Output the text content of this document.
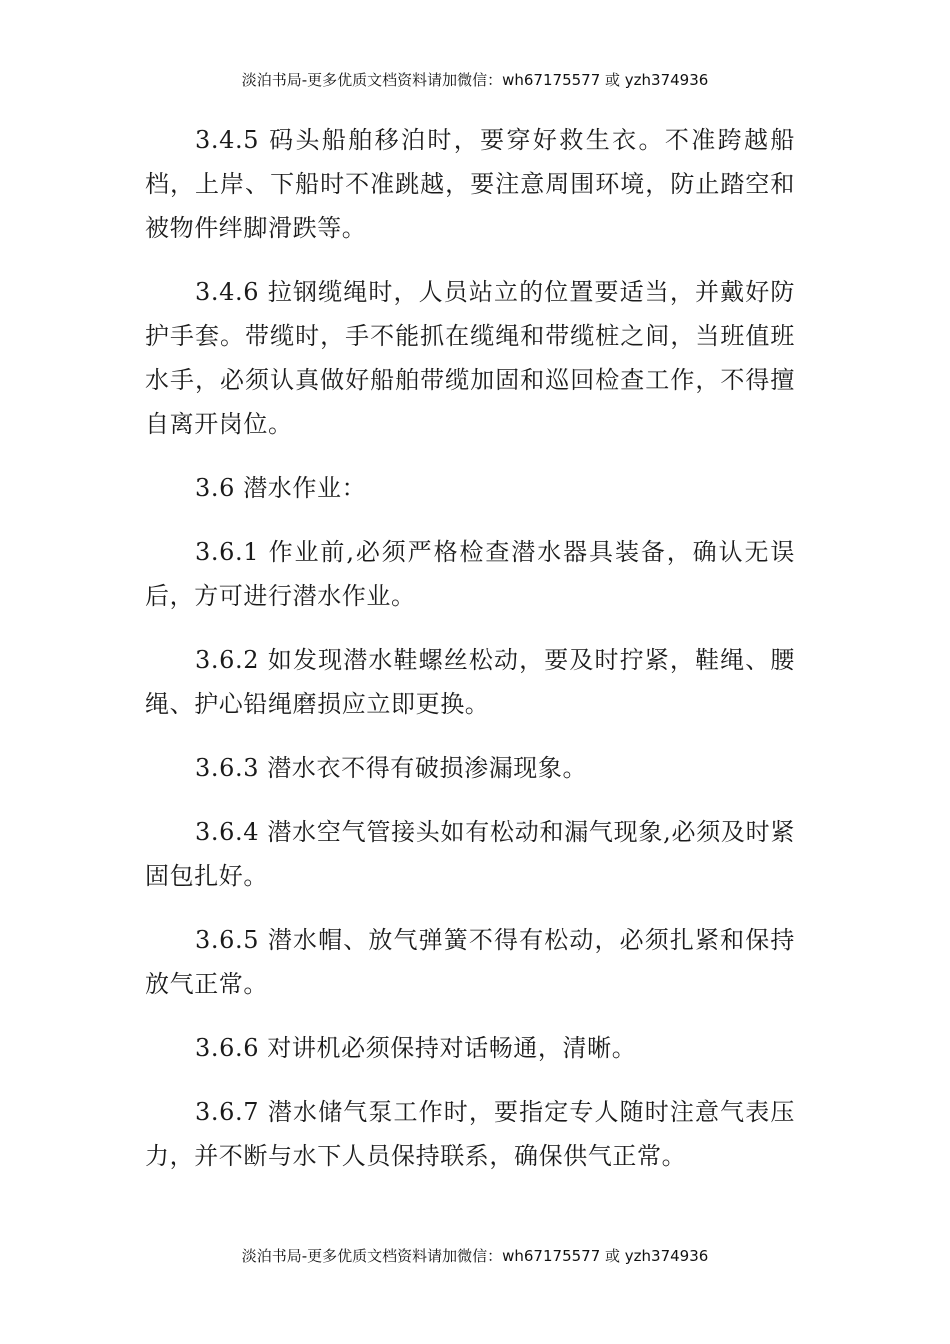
淡泊书局-更多优质文档资料请加微信：wh67175577 或 yzh374936

3.4.5 码头船舶移泊时，要穿好救生衣。不准跨越船档，上岸、下船时不准跳越，要注意周围环境，防止踏空和被物件绊脚滑跌等。

3.4.6 拉钢缆绳时，人员站立的位置要适当，并戴好防护手套。带缆时，手不能抓在缆绳和带缆桩之间，当班值班水手，必须认真做好船舶带缆加固和巡回检查工作，不得擅自离开岗位。

3.6 潜水作业：

3.6.1 作业前,必须严格检查潜水器具装备，确认无误后，方可进行潜水作业。

3.6.2 如发现潜水鞋螺丝松动，要及时拧紧，鞋绳、腰绳、护心铅绳磨损应立即更换。

3.6.3 潜水衣不得有破损渗漏现象。

3.6.4 潜水空气管接头如有松动和漏气现象,必须及时紧固包扎好。

3.6.5 潜水帽、放气弹簧不得有松动，必须扎紧和保持放气正常。

3.6.6 对讲机必须保持对话畅通，清晰。

3.6.7 潜水储气泵工作时，要指定专人随时注意气表压力，并不断与水下人员保持联系，确保供气正常。

淡泊书局-更多优质文档资料请加微信：wh67175577 或 yzh374936
